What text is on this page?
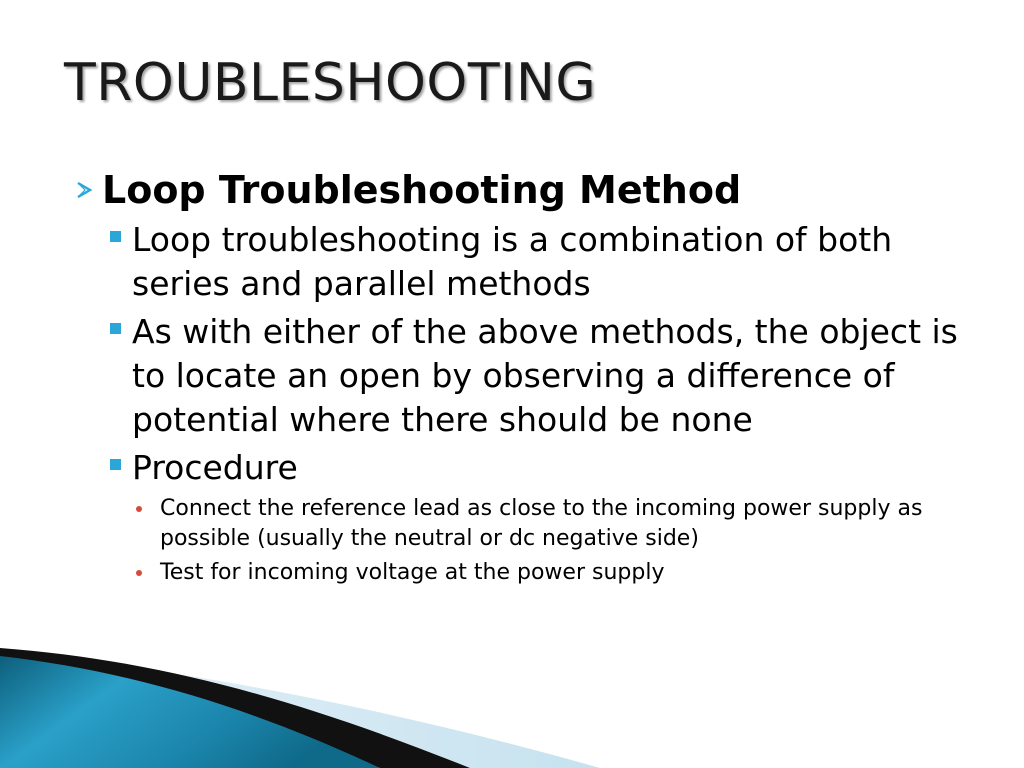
TROUBLESHOOTING
Loop Troubleshooting Method
Loop troubleshooting is a combination of both series and parallel methods
As with either of the above methods, the object is to locate an open by observing a difference of potential where there should be none
Procedure
Connect the reference lead as close to the incoming power supply as possible (usually the neutral or dc negative side)
Test for incoming voltage at the power supply
